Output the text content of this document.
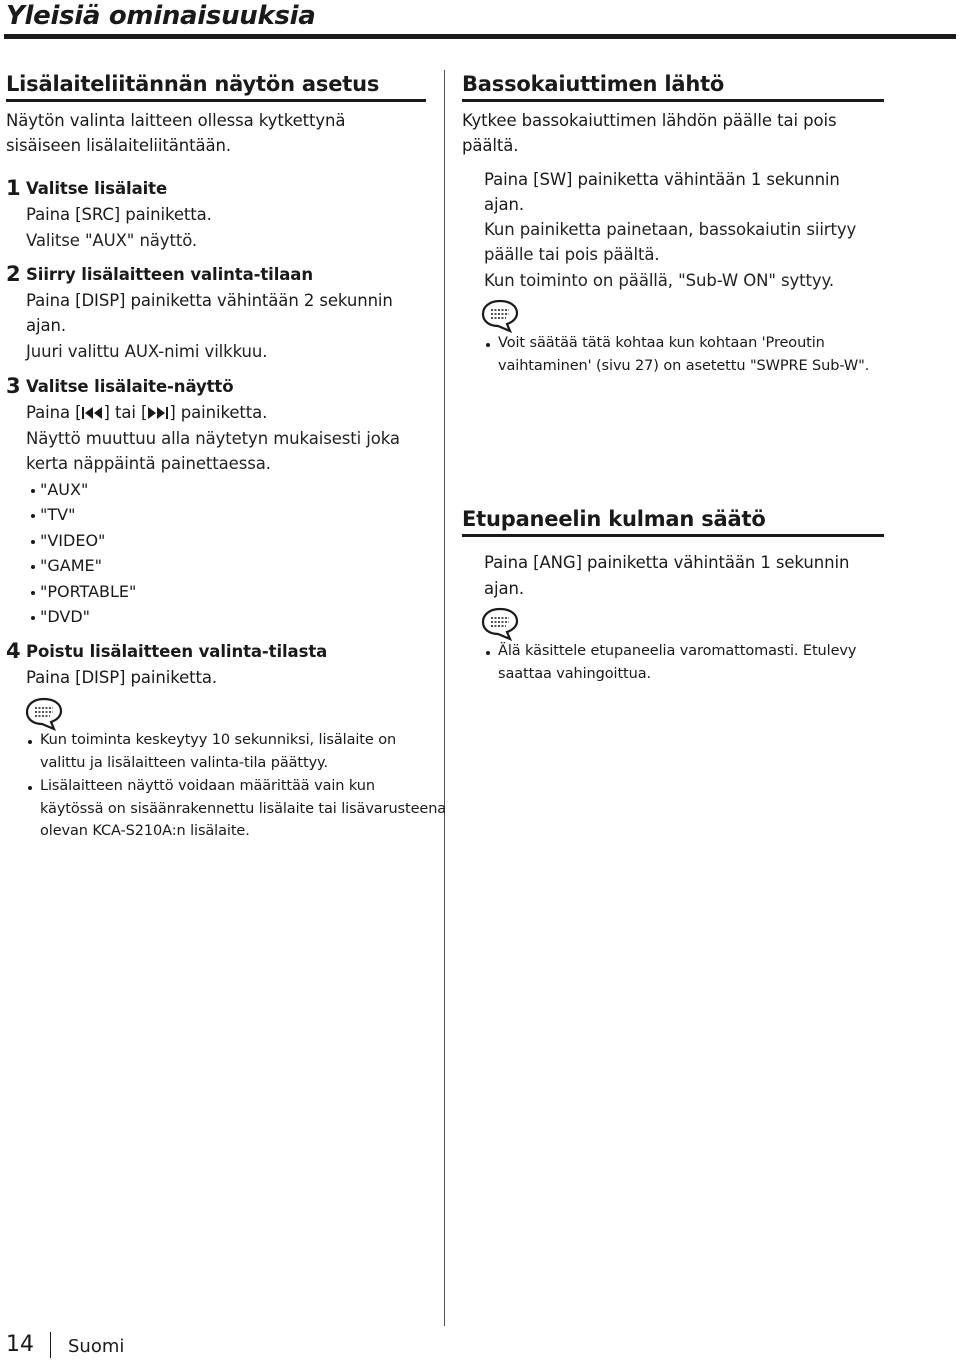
Yleisiä ominaisuuksia
Lisälaiteliitännän näytön asetus

Näytön valinta laitteen ollessa kytkettynä

sisäiseen lisälaiteliitäntään.

1 Valitse lisälaite

Paina [SRC] painiketta.

Valitse "AUX" näyttö.

2 Siirry lisälaitteen valinta-tilaan

Paina [DISP] painiketta vähintään 2 sekunnin

ajan.

Juuri valittu AUX-nimi vilkkuu.

3 Valitse lisälaite-näyttö

Paina [ ] tai [ ] painiketta.

Näyttö muuttuu alla näytetyn mukaisesti joka

kerta näppäintä painettaessa.

"AUX"
"TV"
"VIDEO"
"GAME"
"PORTABLE"
"DVD"
4 Poistu lisälaitteen valinta-tilasta

Paina [DISP] painiketta.

Kun toiminta keskeytyy 10 sekunniksi, lisälaite on

valittu ja lisälaitteen valinta-tila päättyy.

Lisälaitteen näyttö voidaan määrittää vain kun

käytössä on sisäänrakennettu lisälaite tai lisävarusteena

olevan KCA-S210A:n lisälaite.

Bassokaiuttimen lähtö

Kytkee bassokaiuttimen lähdön päälle tai pois

päältä.

Paina [SW] painiketta vähintään 1 sekunnin

ajan.

Kun painiketta painetaan, bassokaiutin siirtyy

päälle tai pois päältä.

Kun toiminto on päällä, "Sub-W ON" syttyy.

Voit säätää tätä kohtaa kun kohtaan 'Preoutin

vaihtaminen' (sivu 27) on asetettu "SWPRE Sub-W".

Etupaneelin kulman säätö

Paina [ANG] painiketta vähintään 1 sekunnin

ajan.

Älä käsittele etupaneelia varomattomasti. Etulevy

saattaa vahingoittua.

14 Suomi
